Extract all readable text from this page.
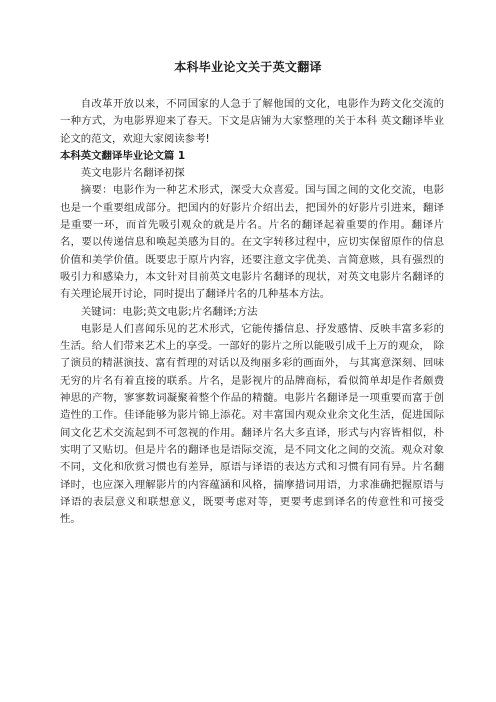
本科毕业论文关于英文翻译

自改革开放以来，不同国家的人急于了解他国的文化，电影作为跨文化交流的一种方式，为电影界迎来了春天。下文是店铺为大家整理的关于本科 英文翻译毕业论文的范文，欢迎大家阅读参考!

本科英文翻译毕业论文篇 1

英文电影片名翻译初探

摘要：电影作为一种艺术形式，深受大众喜爱。国与国之间的文化交流，电影也是一个重要组成部分。把国内的好影片介绍出去，把国外的好影片引进来，翻译是重要一环，而首先吸引观众的就是片名。片名的翻译起着重要的作用。翻译片名，要以传递信息和唤起美感为目的。在文字转移过程中，应切实保留原作的信息价值和美学价值。既要忠于原片内容，还要注意文字优美、言简意赅，具有强烈的吸引力和感染力，本文针对目前英文电影片名翻译的现状，对英文电影片名翻译的有关理论展开讨论，同时提出了翻译片名的几种基本方法。

关键词：电影;英文电影;片名翻译;方法

电影是人们喜闻乐见的艺术形式，它能传播信息、抒发感情、反映丰富多彩的生活。给人们带来艺术上的享受。一部好的影片之所以能吸引成千上万的观众， 除了演员的精湛演技、富有哲理的对话以及绚丽多彩的画面外， 与其寓意深刻、回味无穷的片名有着直接的联系。片名，是影视片的品牌商标，看似简单却是作者颇费神思的产物，寥寥数词凝聚着整个作品的精髓。电影片名翻译是一项重要而富于创造性的工作。佳译能够为影片锦上添花。对丰富国内观众业余文化生活，促进国际间文化艺术交流起到不可忽视的作用。翻译片名大多直译，形式与内容皆相似，朴实明了又贴切。但是片名的翻译也是语际交流，是不同文化之间的交流。观众对象不同，文化和欣赏习惯也有差异，原语与译语的表达方式和习惯有同有异。片名翻译时，也应深入理解影片的内容蕴涵和风格，揣摩措词用语，力求准确把握原语与译语的表层意义和联想意义，既要考虑对等，更要考虑到译名的传意性和可接受性。
